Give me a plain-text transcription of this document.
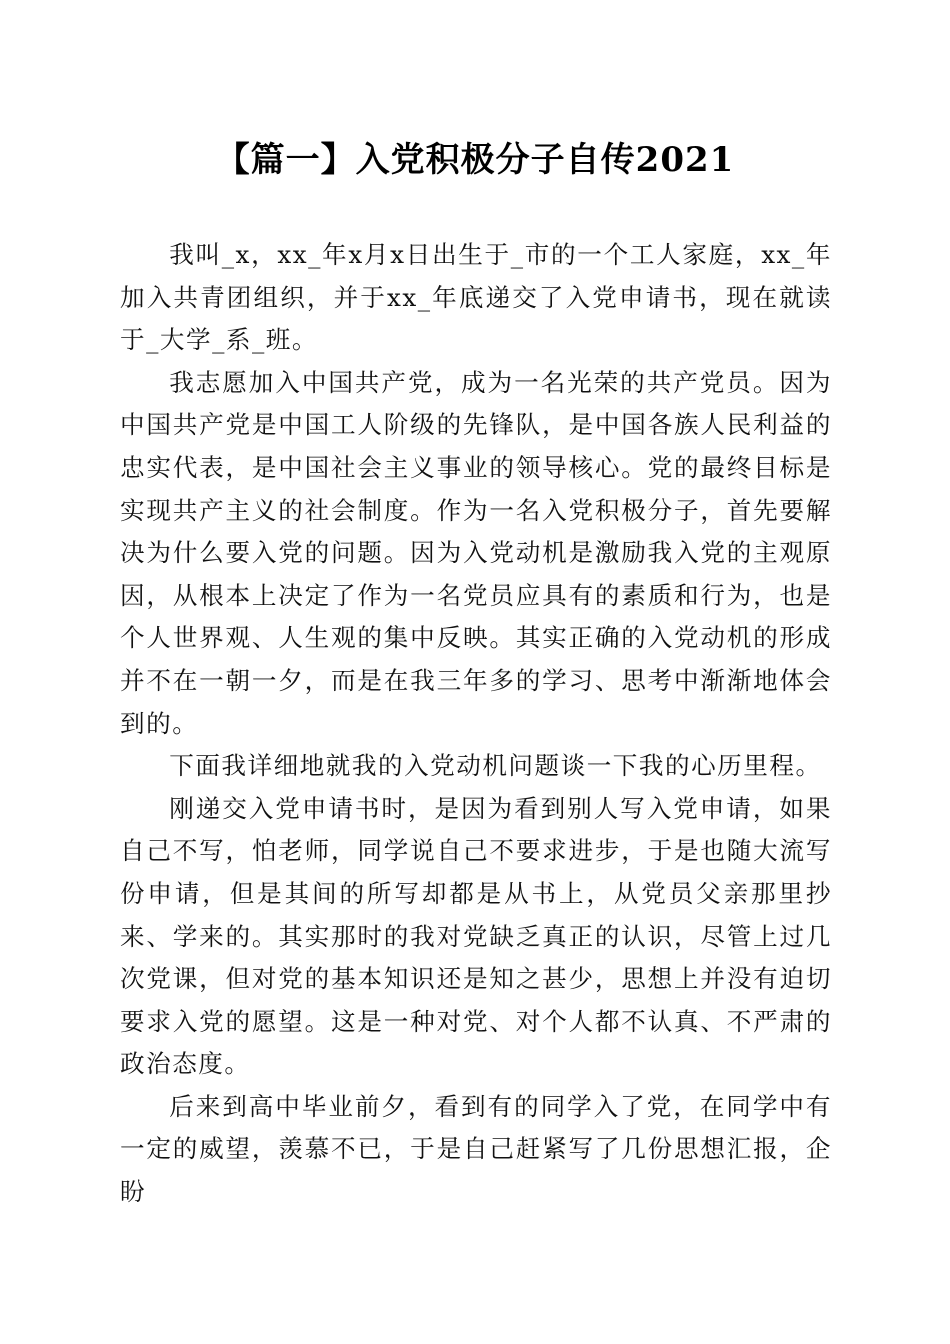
【篇一】入党积极分子自传2021

我叫_x，xx_年x月x日出生于_市的一个工人家庭，xx_年加入共青团组织，并于xx_年底递交了入党申请书，现在就读于_大学_系_班。

我志愿加入中国共产党，成为一名光荣的共产党员。因为中国共产党是中国工人阶级的先锋队，是中国各族人民利益的忠实代表，是中国社会主义事业的领导核心。党的最终目标是实现共产主义的社会制度。作为一名入党积极分子，首先要解决为什么要入党的问题。因为入党动机是激励我入党的主观原因，从根本上决定了作为一名党员应具有的素质和行为，也是个人世界观、人生观的集中反映。其实正确的入党动机的形成并不在一朝一夕，而是在我三年多的学习、思考中渐渐地体会到的。

下面我详细地就我的入党动机问题谈一下我的心历里程。

刚递交入党申请书时，是因为看到别人写入党申请，如果自己不写，怕老师，同学说自己不要求进步，于是也随大流写份申请，但是其间的所写却都是从书上，从党员父亲那里抄来、学来的。其实那时的我对党缺乏真正的认识，尽管上过几次党课，但对党的基本知识还是知之甚少，思想上并没有迫切要求入党的愿望。这是一种对党、对个人都不认真、不严肃的政治态度。

后来到高中毕业前夕，看到有的同学入了党，在同学中有一定的威望，羡慕不已，于是自己赶紧写了几份思想汇报，企盼
